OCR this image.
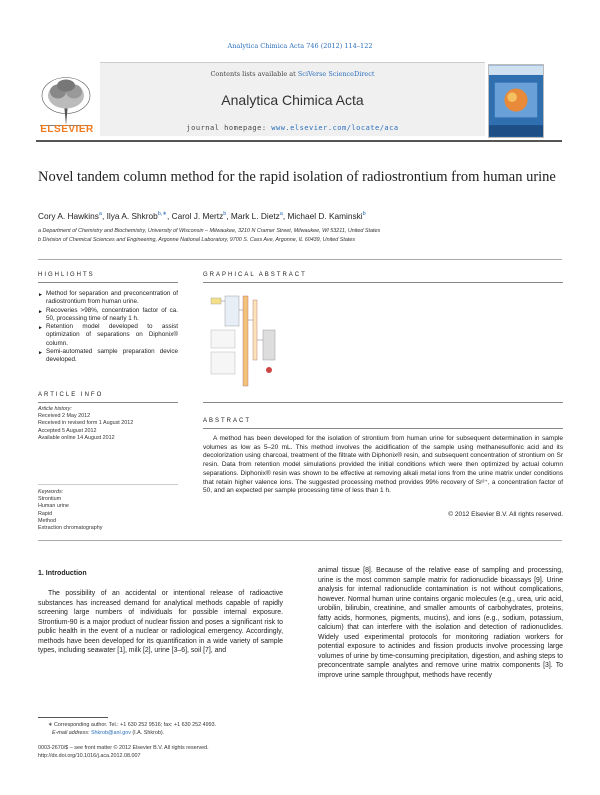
Analytica Chimica Acta 746 (2012) 114–122
Contents lists available at SciVerse ScienceDirect
Analytica Chimica Acta
journal homepage: www.elsevier.com/locate/aca
ELSEVIER
Novel tandem column method for the rapid isolation of radiostrontium from human urine
Cory A. Hawkins$^a$, Ilya A. Shkrob$^{b,∗}$, Carol J. Mertz$^b$, Mark L. Dietz$^a$, Michael D. Kaminski$^b$
a Department of Chemistry and Biochemistry, University of Wisconsin – Milwaukee, 3210 N Cramer Street, Milwaukee, WI 53211, United States
b Division of Chemical Sciences and Engineering, Argonne National Laboratory, 9700 S. Cass Ave, Argonne, IL 60439, United States
HIGHLIGHTS
► Method for separation and preconcentration of radiostrontium from human urine.
► Recoveries >98%, concentration factor of ca. 50, processing time of nearly 1 h.
► Retention model developed to assist optimization of separations on Diphonix® column.
► Semi-automated sample preparation device developed.
GRAPHICAL ABSTRACT
ARTICLE INFO
Article history:
Received 2 May 2012
Received in revised form 1 August 2012
Accepted 5 August 2012
Available online 14 August 2012
Keywords:
Strontium
Human urine
Rapid
Method
Extraction chromatography
ABSTRACT
A method has been developed for the isolation of strontium from human urine for subsequent determination in sample volumes as low as 5–20 mL. This method involves the acidification of the sample using methanesulfonic acid and its decolorization using charcoal, treatment of the filtrate with Diphonix® resin, and subsequent concentration of strontium on Sr resin. Data from retention model simulations provided the initial conditions which were then optimized by actual column separations. Diphonix® resin was shown to be effective at removing alkali metal ions from the urine matrix under conditions that retain higher valence ions. The suggested processing method provides 99% recovery of Sr²⁺, a concentration factor of 50, and an expected per sample processing time of less than 1 h.
© 2012 Elsevier B.V. All rights reserved.
1. Introduction
The possibility of an accidental or intentional release of radioactive substances has increased demand for analytical methods capable of rapidly screening large numbers of individuals for possible internal exposure. Strontium-90 is a major product of nuclear fission and poses a significant risk to public health in the event of a nuclear or radiological emergency. Accordingly, methods have been developed for its quantification in a wide variety of sample types, including seawater [1], milk [2], urine [3–6], soil [7], and
animal tissue [8]. Because of the relative ease of sampling and processing, urine is the most common sample matrix for radionuclide bioassays [9]. Urine analysis for internal radionuclide contamination is not without complications, however. Normal human urine contains organic molecules (e.g., urea, uric acid, urobilin, bilirubin, creatinine, and smaller amounts of carbohydrates, proteins, fatty acids, hormones, pigments, mucins), and ions (e.g., sodium, potassium, calcium) that can interfere with the isolation and detection of radionuclides. Widely used experimental protocols for monitoring radiation workers for potential exposure to actinides and fission products involve processing large volumes of urine by time-consuming precipitation, digestion, and ashing steps to preconcentrate sample analytes and remove urine matrix components [3]. To improve urine sample throughput, methods have recently
∗ Corresponding author. Tel.: +1 630 252 9516; fax: +1 630 252 4993.
E-mail address: Shkrob@anl.gov (I.A. Shkrob).
0003-2670/$ – see front matter © 2012 Elsevier B.V. All rights reserved.
http://dx.doi.org/10.1016/j.aca.2012.08.007
